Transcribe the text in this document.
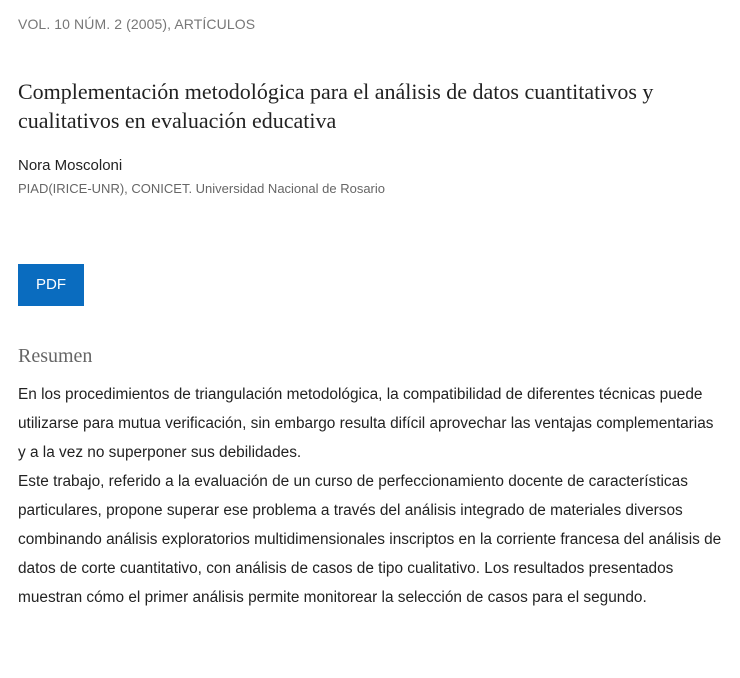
VOL. 10 NÚM. 2 (2005), ARTÍCULOS
Complementación metodológica para el análisis de datos cuantitativos y cualitativos en evaluación educativa
Nora Moscoloni
PIAD(IRICE-UNR), CONICET. Universidad Nacional de Rosario
PDF
Resumen

En los procedimientos de triangulación metodológica, la compatibilidad de diferentes técnicas puede utilizarse para mutua verificación, sin embargo resulta difícil aprovechar las ventajas complementarias y a la vez no superponer sus debilidades.

Este trabajo, referido a la evaluación de un curso de perfeccionamiento docente de características particulares, propone superar ese problema a través del análisis integrado de materiales diversos combinando análisis exploratorios multidimensionales inscriptos en la corriente francesa del análisis de datos de corte cuantitativo, con análisis de casos de tipo cualitativo. Los resultados presentados muestran cómo el primer análisis permite monitorear la selección de casos para el segundo.
